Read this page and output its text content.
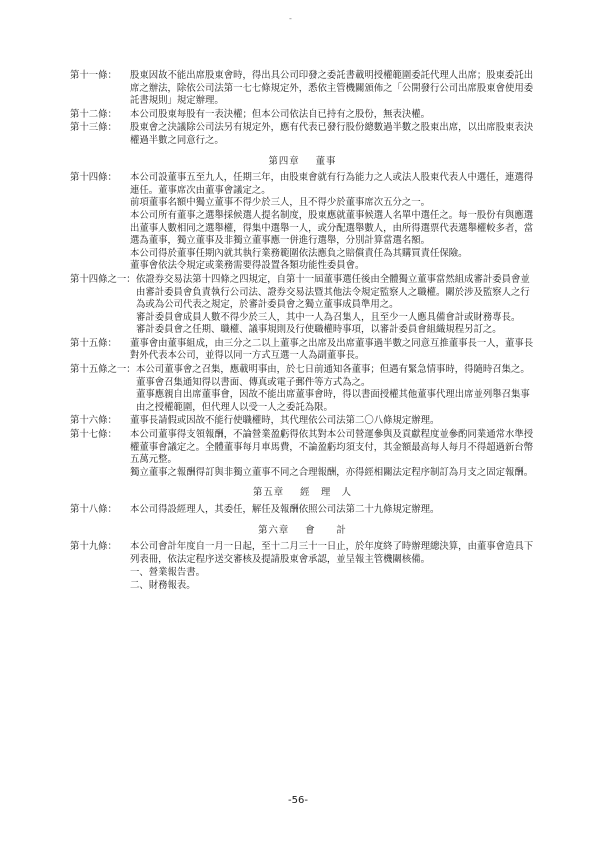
-
第十一條： 股東因故不能出席股東會時，得出具公司印發之委託書載明授權範圍委託代理人出席；股東委託出席之辦法，除依公司法第一七七條規定外，悉依主管機關頒佈之「公開發行公司出席股東會使用委託書規則」規定辦理。

第十二條： 本公司股東每股有一表決權；但本公司依法自已持有之股份，無表決權。

第十三條： 股東會之決議除公司法另有規定外，應有代表已發行股份總數過半數之股東出席，以出席股東表決權過半數之同意行之。

第四章 董事
第十四條： 本公司設董事五至九人，任期三年，由股東會就有行為能力之人或法人股東代表人中選任，連選得連任。董事席次由董事會議定之。

前項董事名額中獨立董事不得少於三人，且不得少於董事席次五分之一。

本公司所有董事之選舉採候選人提名制度，股東應就董事候選人名單中選任之。每一股份有與應選出董事人數相同之選舉權，得集中選舉一人，或分配選舉數人，由所得選票代表選舉權較多者，當選為董事，獨立董事及非獨立董事應一併進行選舉，分別計算當選名額。

本公司得於董事任期內就其執行業務範圍依法應負之賠償責任為其購買責任保險。

董事會依法令規定或業務需要得設置各類功能性委員會。

第十四條之一： 依證券交易法第十四條之四規定，自第十一屆董事選任後由全體獨立董事當然組成審計委員會並由審計委員會負責執行公司法、證券交易法暨其他法令規定監察人之職權。關於涉及監察人之行為或為公司代表之規定，於審計委員會之獨立董事成員準用之。

審計委員會成員人數不得少於三人，其中一人為召集人，且至少一人應具備會計或財務專長。

審計委員會之任期、職權、議事規則及行使職權時事項，以審計委員會組織規程另訂之。

第十五條： 董事會由董事組成，由三分之二以上董事之出席及出席董事過半數之同意互推董事長一人，董事長對外代表本公司，並得以同一方式互選一人為副董事長。

第十五條之一： 本公司董事會之召集，應載明事由，於七日前通知各董事；但遇有緊急情事時，得隨時召集之。董事會召集通知得以書面、傳真或電子郵件等方式為之。

董事應親自出席董事會，因故不能出席董事會時，得以書面授權其他董事代理出席並列舉召集事由之授權範圍，但代理人以受一人之委託為限。

第十六條： 董事長請假或因故不能行使職權時，其代理依公司法第二〇八條規定辦理。

第十七條： 本公司董事得支領報酬，不論營業盈虧得依其對本公司營運參與及貢獻程度並參酌同業通常水準授權董事會議定之。全體董事每月車馬費，不論盈虧均須支付，其金額最高每人每月不得超過新台幣五萬元整。

獨立董事之報酬得訂與非獨立董事不同之合理報酬，亦得經相關法定程序制訂為月支之固定報酬。

第五章 經　理　人
第十八條： 本公司得設經理人，其委任，解任及報酬依照公司法第二十九條規定辦理。

第六章 會　　計
第十九條： 本公司會計年度自一月一日起，至十二月三十一日止，於年度終了時辦理總決算，由董事會造具下列表冊，依法定程序送交審核及提請股東會承認，並呈報主管機關核備。

一、營業報告書。
二、財務報表。
-56-
